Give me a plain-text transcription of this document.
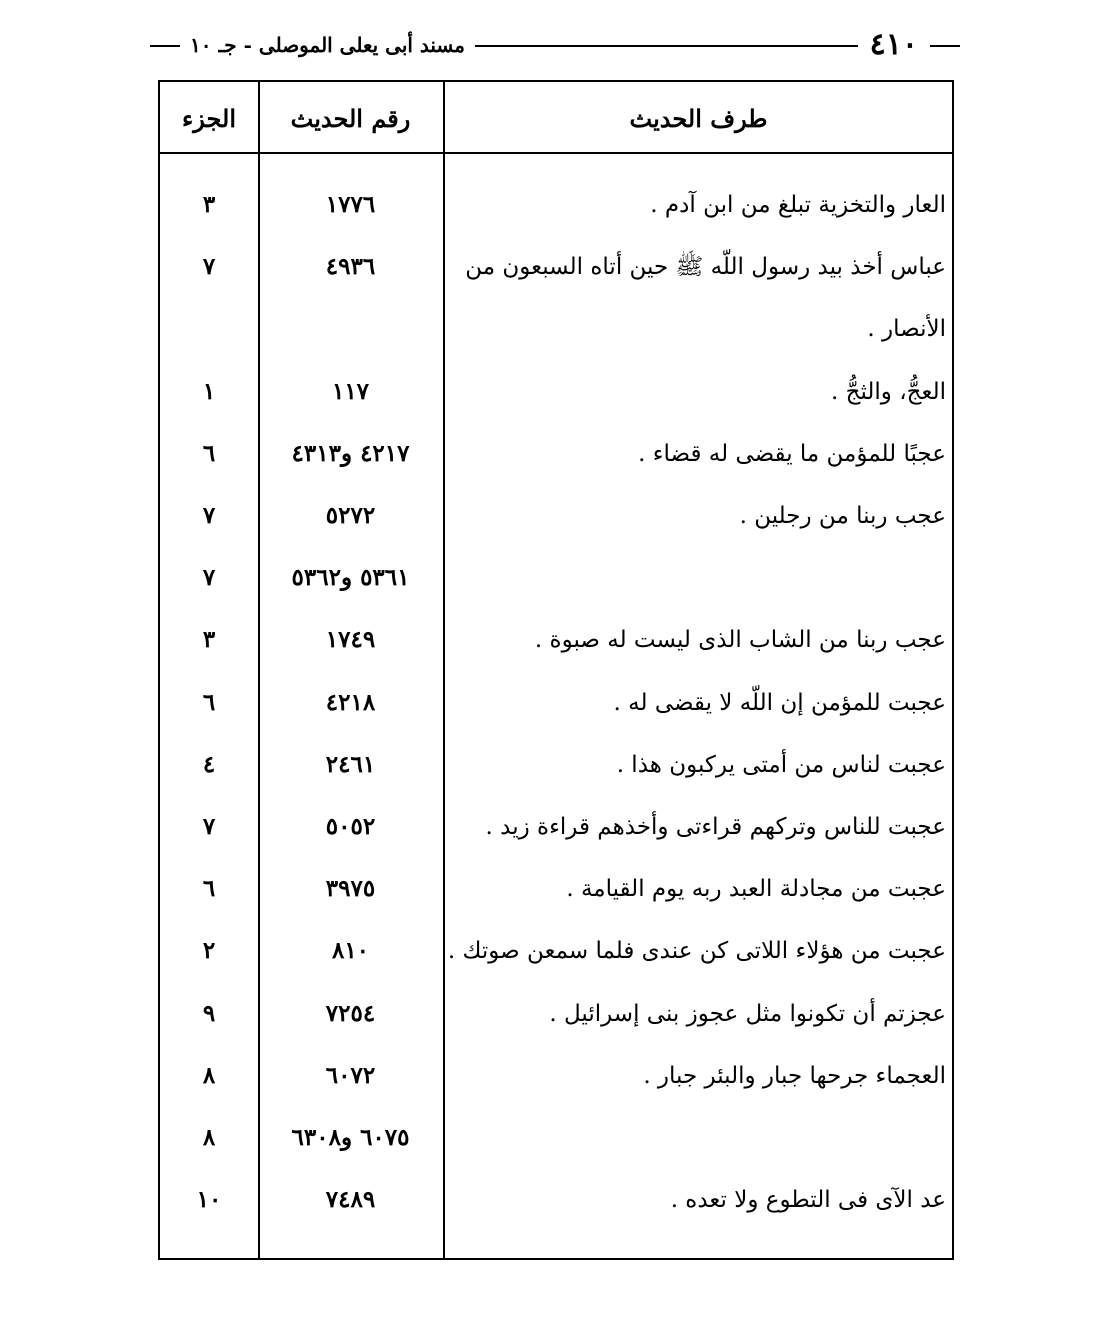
٤١٠
مسند أبى يعلى الموصلى - جـ ١٠
طرف الحديث
رقم الحديث
الجزء
العار والتخزية تبلغ من ابن آدم .
١٧٧٦
٣
عباس أخذ بيد رسول اللّه ﷺ حين أتاه السبعون من
٤٩٣٦
٧
الأنصار .
العجُّ، والثجُّ .
١١٧
١
عجبًا للمؤمن ما يقضى له قضاء .
٤٢١٧ و٤٣١٣
٦
عجب ربنا من رجلين .
٥٢٧٢
٧
٥٣٦١ و٥٣٦٢
٧
عجب ربنا من الشاب الذى ليست له صبوة .
١٧٤٩
٣
عجبت للمؤمن إن اللّه لا يقضى له .
٤٢١٨
٦
عجبت لناس من أمتى يركبون هذا .
٢٤٦١
٤
عجبت للناس وتركهم قراءتى وأخذهم قراءة زيد .
٥٠٥٢
٧
عجبت من مجادلة العبد ربه يوم القيامة .
٣٩٧٥
٦
عجبت من هؤلاء اللاتى كن عندى فلما سمعن صوتك .
٨١٠
٢
عجزتم أن تكونوا مثل عجوز بنى إسرائيل .
٧٢٥٤
٩
العجماء جرحها جبار والبئر جبار .
٦٠٧٢
٨
٦٠٧٥ و٦٣٠٨
٨
عد الآى فى التطوع ولا تعده .
٧٤٨٩
١٠
